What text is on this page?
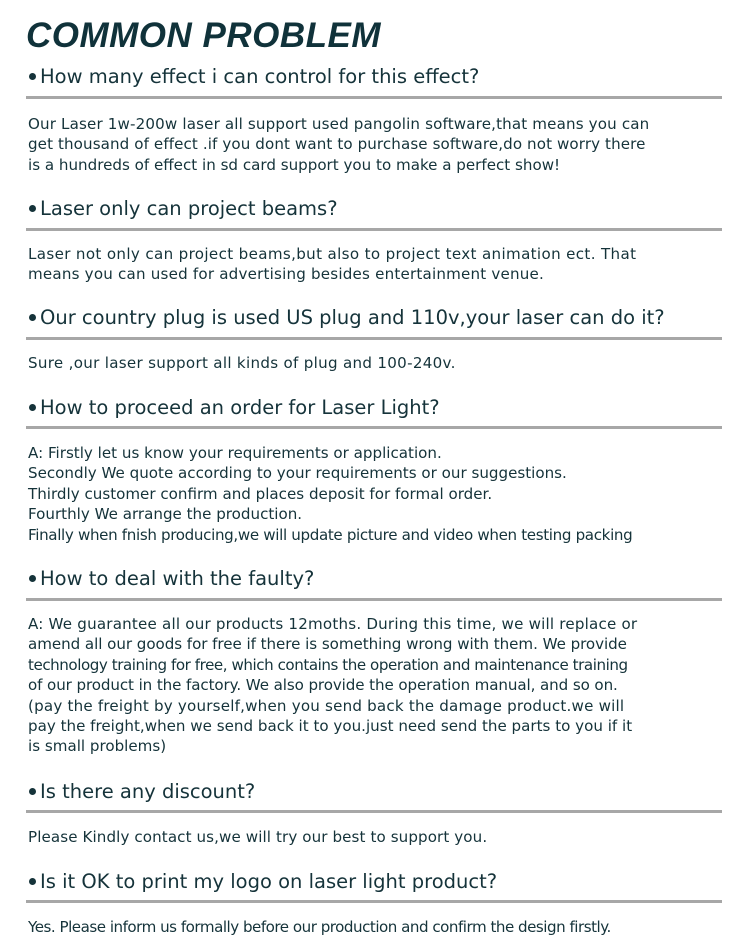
COMMON PROBLEM
How many effect i can control for this effect?
Our Laser 1w-200w laser all support used pangolin software,that means you can
get thousand of effect .if you dont want to purchase software,do not worry there
is a hundreds of effect in sd card support you to make a perfect show!
Laser only can project beams?
Laser not only can project beams,but also to project text animation ect. That
means you can used for advertising besides entertainment venue.
Our country plug is used US plug and 110v,your laser can do it?
Sure ,our laser support all kinds of plug and 100-240v.
How to proceed an order for Laser Light?
A: Firstly let us know your requirements or application.
Secondly We quote according to your requirements or our suggestions.
Thirdly customer confirm and places deposit for formal order.
Fourthly We arrange the production.
Finally when fnish producing,we will update picture and video when testing packing
How to deal with the faulty?
A: We guarantee all our products 12moths. During this time, we will replace or
amend all our goods for free if there is something wrong with them. We provide
technology training for free, which contains the operation and maintenance training
of our product in the factory. We also provide the operation manual, and so on.
(pay the freight by yourself,when you send back the damage product.we will
pay the freight,when we send back it to you.just need send the parts to you if it
is small problems)
Is there any discount?
Please Kindly contact us,we will try our best to support you.
Is it OK to print my logo on laser light product?
Yes. Please inform us formally before our production and confirm the design firstly.
